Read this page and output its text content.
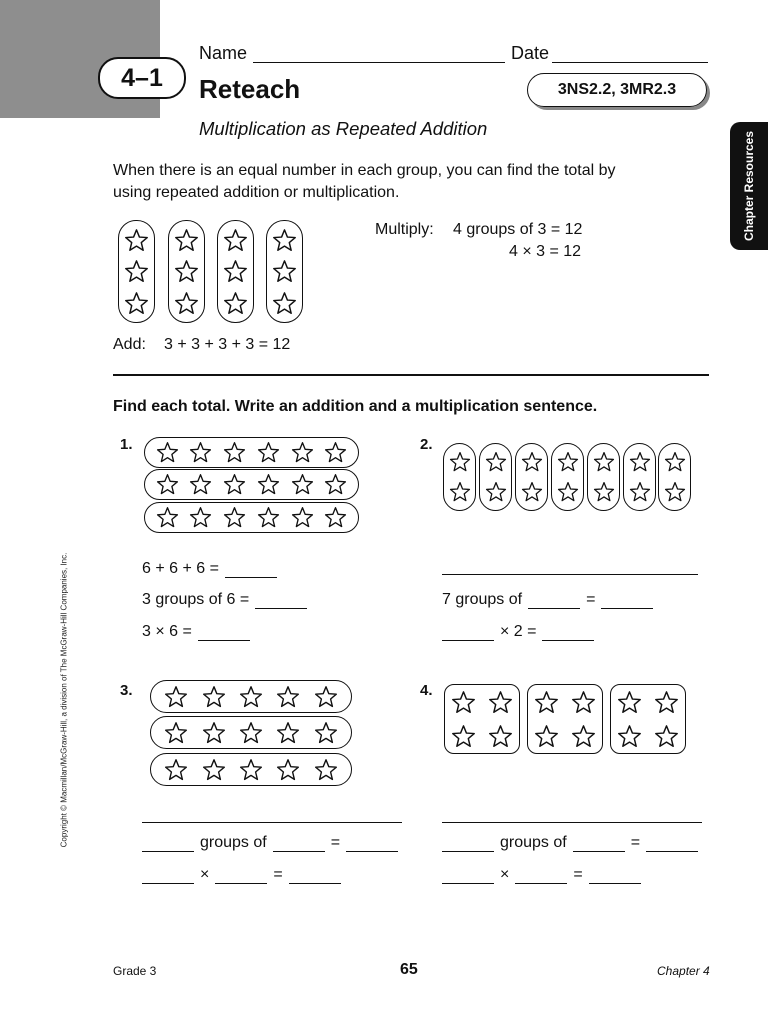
4–1
Name	Date
Reteach
Multiplication as Repeated Addition
3NS2.2, 3MR2.3
Chapter Resources
When there is an equal number in each group, you can find the total by using repeated addition or multiplication.
Multiply: 4 groups of 3 = 12
4 × 3 = 12
Add: 3 + 3 + 3 + 3 = 12
Find each total. Write an addition and a multiplication sentence.
1.	2.
3.	4.
6 + 6 + 6 =
3 groups of 6 =
3 × 6 =
7 groups of	=
× 2 =
groups of	=
×	=
groups of	=
×	=
Copyright © Macmillan/McGraw-Hill, a division of The McGraw-Hill Companies, Inc.
Grade 3	65	Chapter 4
